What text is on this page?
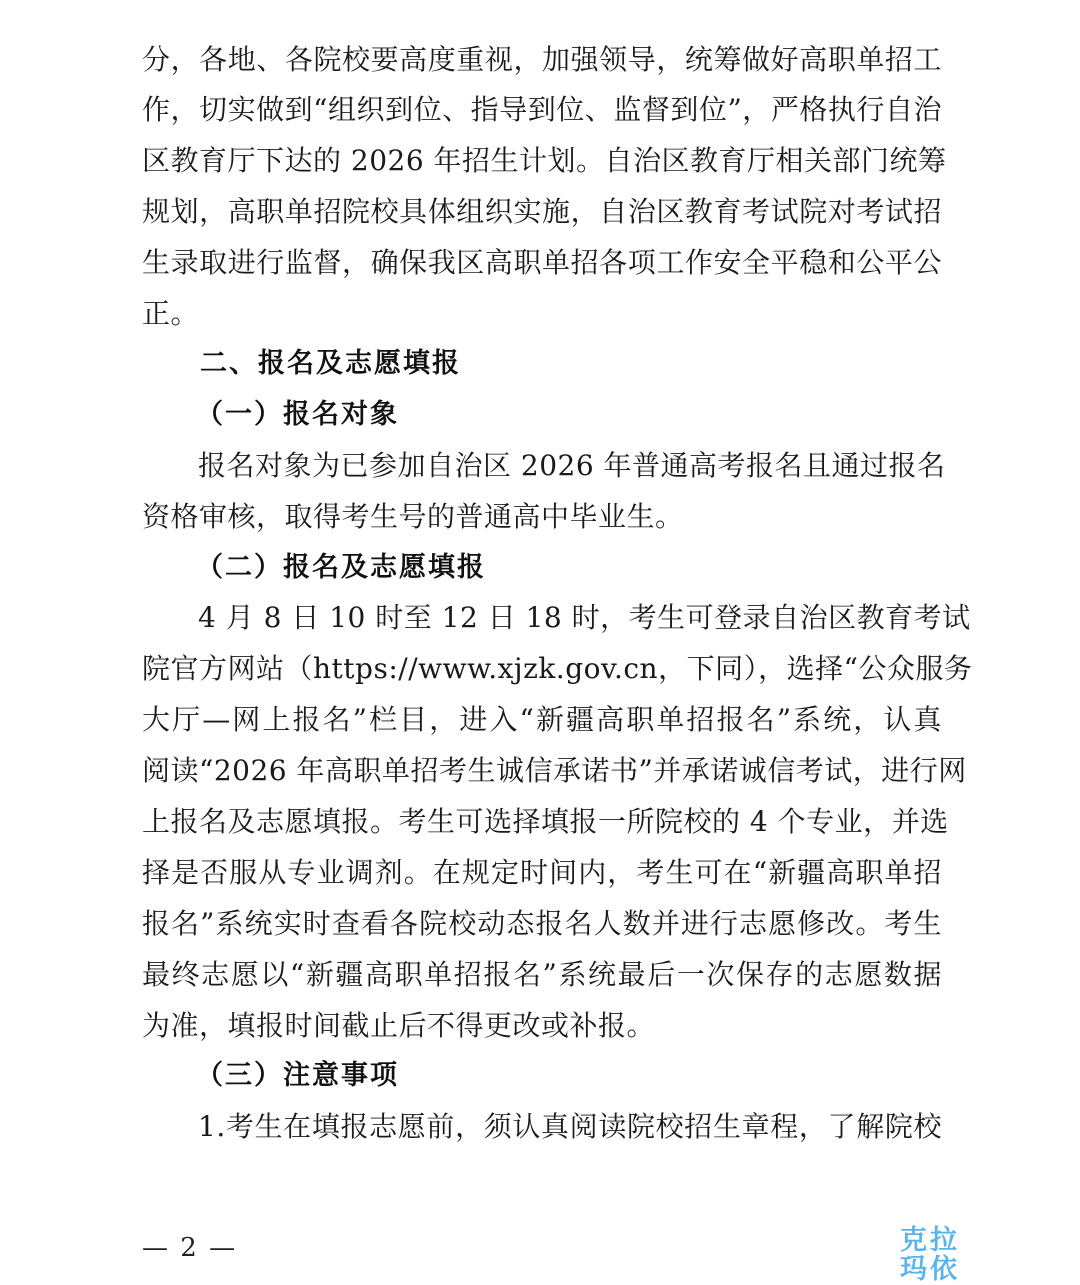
分，各地、各院校要高度重视，加强领导，统筹做好高职单招工
作，切实做到“组织到位、指导到位、监督到位”，严格执行自治
区教育厅下达的 2026 年招生计划。自治区教育厅相关部门统筹
规划，高职单招院校具体组织实施，自治区教育考试院对考试招
生录取进行监督，确保我区高职单招各项工作安全平稳和公平公
正。
二、报名及志愿填报
（一）报名对象
报名对象为已参加自治区 2026 年普通高考报名且通过报名
资格审核，取得考生号的普通高中毕业生。
（二）报名及志愿填报
4 月 8 日 10 时至 12 日 18 时，考生可登录自治区教育考试
院官方网站（https://www.xjzk.gov.cn，下同），选择“公众服务
大厅—网上报名”栏目，进入“新疆高职单招报名”系统，认真
阅读“2026 年高职单招考生诚信承诺书”并承诺诚信考试，进行网
上报名及志愿填报。考生可选择填报一所院校的 4 个专业，并选
择是否服从专业调剂。在规定时间内，考生可在“新疆高职单招
报名”系统实时查看各院校动态报名人数并进行志愿修改。考生
最终志愿以“新疆高职单招报名”系统最后一次保存的志愿数据
为准，填报时间截止后不得更改或补报。
（三）注意事项
1.考生在填报志愿前，须认真阅读院校招生章程，了解院校
— 2 —	克拉
玛依
